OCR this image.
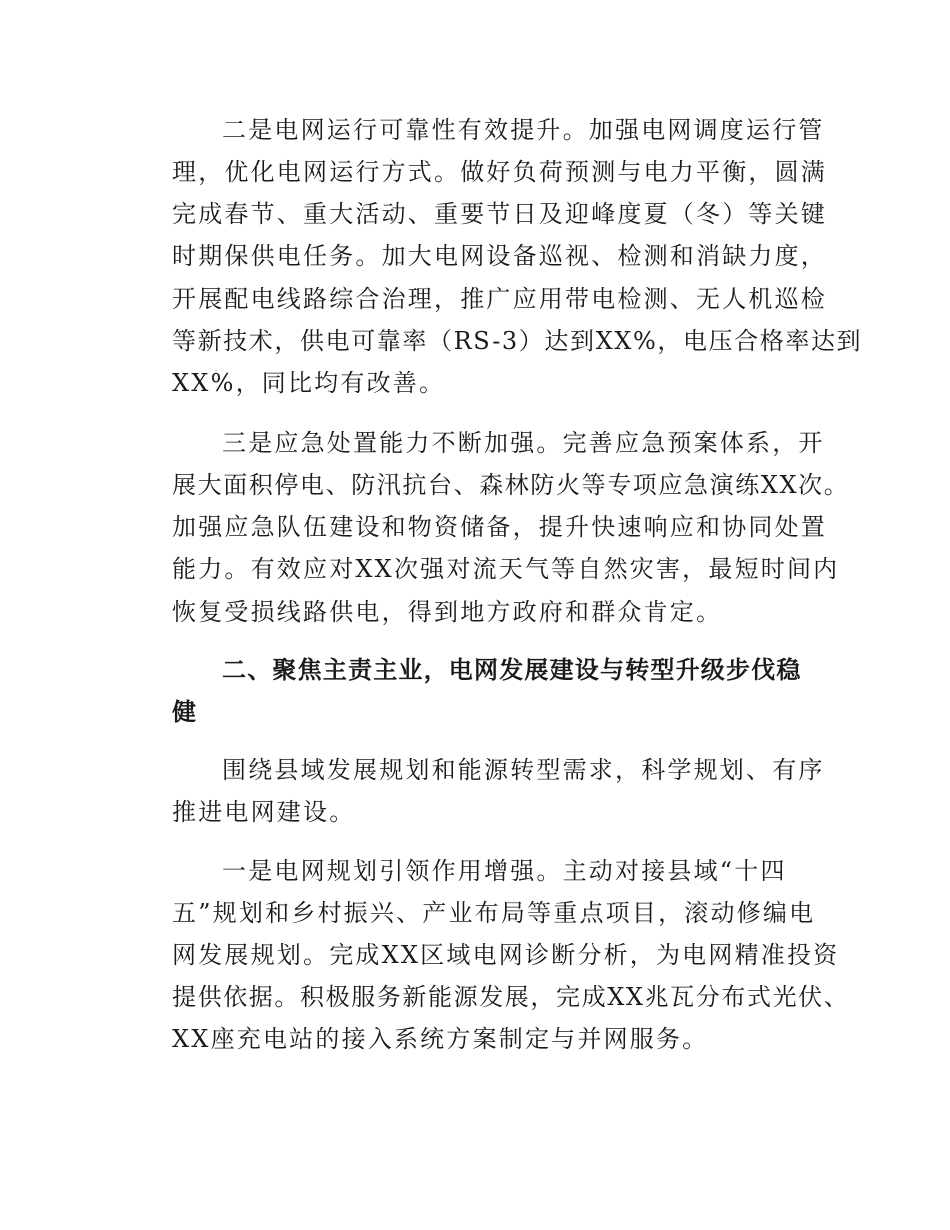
二是电网运行可靠性有效提升。加强电网调度运行管
理，优化电网运行方式。做好负荷预测与电力平衡，圆满
完成春节、重大活动、重要节日及迎峰度夏（冬）等关键
时期保供电任务。加大电网设备巡视、检测和消缺力度，
开展配电线路综合治理，推广应用带电检测、无人机巡检
等新技术，供电可靠率（RS-3）达到XX%，电压合格率达到
XX%，同比均有改善。
三是应急处置能力不断加强。完善应急预案体系，开
展大面积停电、防汛抗台、森林防火等专项应急演练XX次。
加强应急队伍建设和物资储备，提升快速响应和协同处置
能力。有效应对XX次强对流天气等自然灾害，最短时间内
恢复受损线路供电，得到地方政府和群众肯定。
二、聚焦主责主业，电网发展建设与转型升级步伐稳
健
围绕县域发展规划和能源转型需求，科学规划、有序
推进电网建设。
一是电网规划引领作用增强。主动对接县域“十四
五”规划和乡村振兴、产业布局等重点项目，滚动修编电
网发展规划。完成XX区域电网诊断分析，为电网精准投资
提供依据。积极服务新能源发展，完成XX兆瓦分布式光伏、
XX座充电站的接入系统方案制定与并网服务。
